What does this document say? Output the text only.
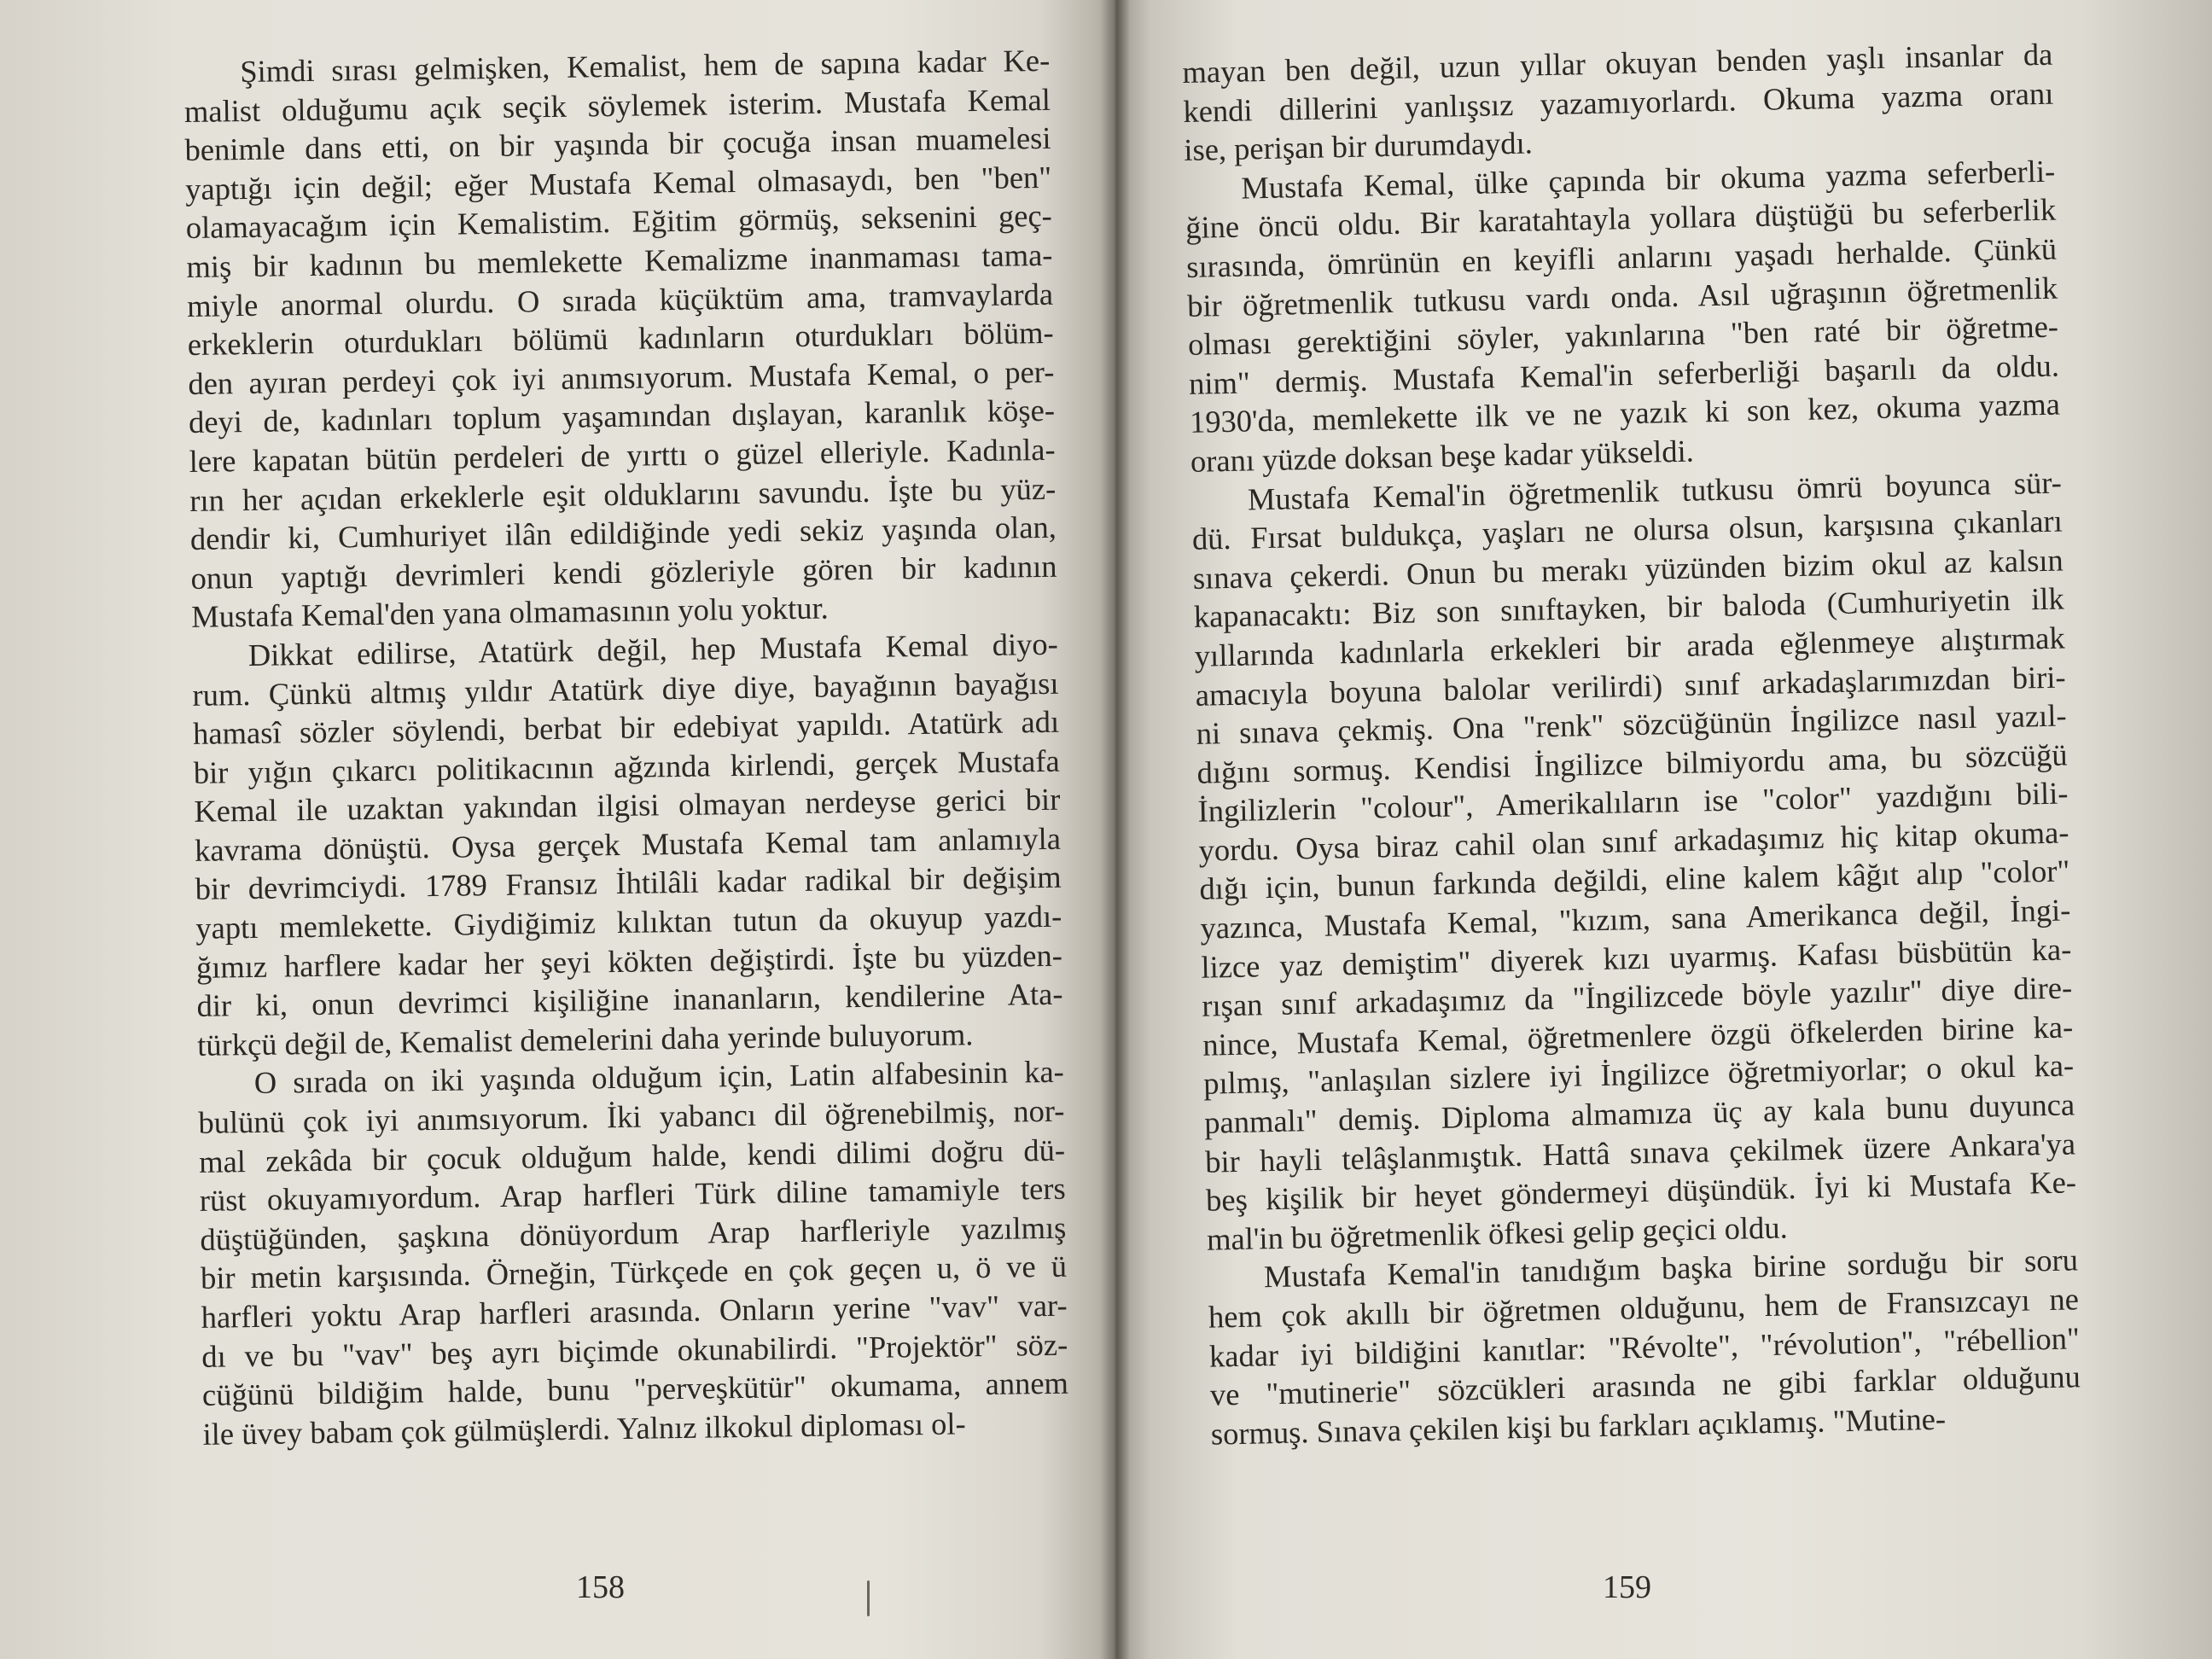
Şimdi sırası gelmişken, Kemalist, hem de sapına kadar Ke-
malist olduğumu açık seçik söylemek isterim. Mustafa Kemal
benimle dans etti, on bir yaşında bir çocuğa insan muamelesi
yaptığı için değil; eğer Mustafa Kemal olmasaydı, ben "ben"
olamayacağım için Kemalistim. Eğitim görmüş, seksenini geç-
miş bir kadının bu memlekette Kemalizme inanmaması tama-
miyle anormal olurdu. O sırada küçüktüm ama, tramvaylarda
erkeklerin oturdukları bölümü kadınların oturdukları bölüm-
den ayıran perdeyi çok iyi anımsıyorum. Mustafa Kemal, o per-
deyi de, kadınları toplum yaşamından dışlayan, karanlık köşe-
lere kapatan bütün perdeleri de yırttı o güzel elleriyle. Kadınla-
rın her açıdan erkeklerle eşit olduklarını savundu. İşte bu yüz-
dendir ki, Cumhuriyet ilân edildiğinde yedi sekiz yaşında olan,
onun yaptığı devrimleri kendi gözleriyle gören bir kadının
Mustafa Kemal'den yana olmamasının yolu yoktur.
Dikkat edilirse, Atatürk değil, hep Mustafa Kemal diyo-
rum. Çünkü altmış yıldır Atatürk diye diye, bayağının bayağısı
hamasî sözler söylendi, berbat bir edebiyat yapıldı. Atatürk adı
bir yığın çıkarcı politikacının ağzında kirlendi, gerçek Mustafa
Kemal ile uzaktan yakından ilgisi olmayan nerdeyse gerici bir
kavrama dönüştü. Oysa gerçek Mustafa Kemal tam anlamıyla
bir devrimciydi. 1789 Fransız İhtilâli kadar radikal bir değişim
yaptı memlekette. Giydiğimiz kılıktan tutun da okuyup yazdı-
ğımız harflere kadar her şeyi kökten değiştirdi. İşte bu yüzden-
dir ki, onun devrimci kişiliğine inananların, kendilerine Ata-
türkçü değil de, Kemalist demelerini daha yerinde buluyorum.
O sırada on iki yaşında olduğum için, Latin alfabesinin ka-
bulünü çok iyi anımsıyorum. İki yabancı dil öğrenebilmiş, nor-
mal zekâda bir çocuk olduğum halde, kendi dilimi doğru dü-
rüst okuyamıyordum. Arap harfleri Türk diline tamamiyle ters
düştüğünden, şaşkına dönüyordum Arap harfleriyle yazılmış
bir metin karşısında. Örneğin, Türkçede en çok geçen u, ö ve ü
harfleri yoktu Arap harfleri arasında. Onların yerine "vav" var-
dı ve bu "vav" beş ayrı biçimde okunabilirdi. "Projektör" söz-
cüğünü bildiğim halde, bunu "perveşkütür" okumama, annem
ile üvey babam çok gülmüşlerdi. Yalnız ilkokul diploması ol-
158
mayan ben değil, uzun yıllar okuyan benden yaşlı insanlar da
kendi dillerini yanlışsız yazamıyorlardı. Okuma yazma oranı
ise, perişan bir durumdaydı.
Mustafa Kemal, ülke çapında bir okuma yazma seferberli-
ğine öncü oldu. Bir karatahtayla yollara düştüğü bu seferberlik
sırasında, ömrünün en keyifli anlarını yaşadı herhalde. Çünkü
bir öğretmenlik tutkusu vardı onda. Asıl uğraşının öğretmenlik
olması gerektiğini söyler, yakınlarına "ben raté bir öğretme-
nim" dermiş. Mustafa Kemal'in seferberliği başarılı da oldu.
1930'da, memlekette ilk ve ne yazık ki son kez, okuma yazma
oranı yüzde doksan beşe kadar yükseldi.
Mustafa Kemal'in öğretmenlik tutkusu ömrü boyunca sür-
dü. Fırsat buldukça, yaşları ne olursa olsun, karşısına çıkanları
sınava çekerdi. Onun bu merakı yüzünden bizim okul az kalsın
kapanacaktı: Biz son sınıftayken, bir baloda (Cumhuriyetin ilk
yıllarında kadınlarla erkekleri bir arada eğlenmeye alıştırmak
amacıyla boyuna balolar verilirdi) sınıf arkadaşlarımızdan biri-
ni sınava çekmiş. Ona "renk" sözcüğünün İngilizce nasıl yazıl-
dığını sormuş. Kendisi İngilizce bilmiyordu ama, bu sözcüğü
İngilizlerin "colour", Amerikalıların ise "color" yazdığını bili-
yordu. Oysa biraz cahil olan sınıf arkadaşımız hiç kitap okuma-
dığı için, bunun farkında değildi, eline kalem kâğıt alıp "color"
yazınca, Mustafa Kemal, "kızım, sana Amerikanca değil, İngi-
lizce yaz demiştim" diyerek kızı uyarmış. Kafası büsbütün ka-
rışan sınıf arkadaşımız da "İngilizcede böyle yazılır" diye dire-
nince, Mustafa Kemal, öğretmenlere özgü öfkelerden birine ka-
pılmış, "anlaşılan sizlere iyi İngilizce öğretmiyorlar; o okul ka-
panmalı" demiş. Diploma almamıza üç ay kala bunu duyunca
bir hayli telâşlanmıştık. Hattâ sınava çekilmek üzere Ankara'ya
beş kişilik bir heyet göndermeyi düşündük. İyi ki Mustafa Ke-
mal'in bu öğretmenlik öfkesi gelip geçici oldu.
Mustafa Kemal'in tanıdığım başka birine sorduğu bir soru
hem çok akıllı bir öğretmen olduğunu, hem de Fransızcayı ne
kadar iyi bildiğini kanıtlar: "Révolte", "révolution", "rébellion"
ve "mutinerie" sözcükleri arasında ne gibi farklar olduğunu
sormuş. Sınava çekilen kişi bu farkları açıklamış. "Mutine-
159
